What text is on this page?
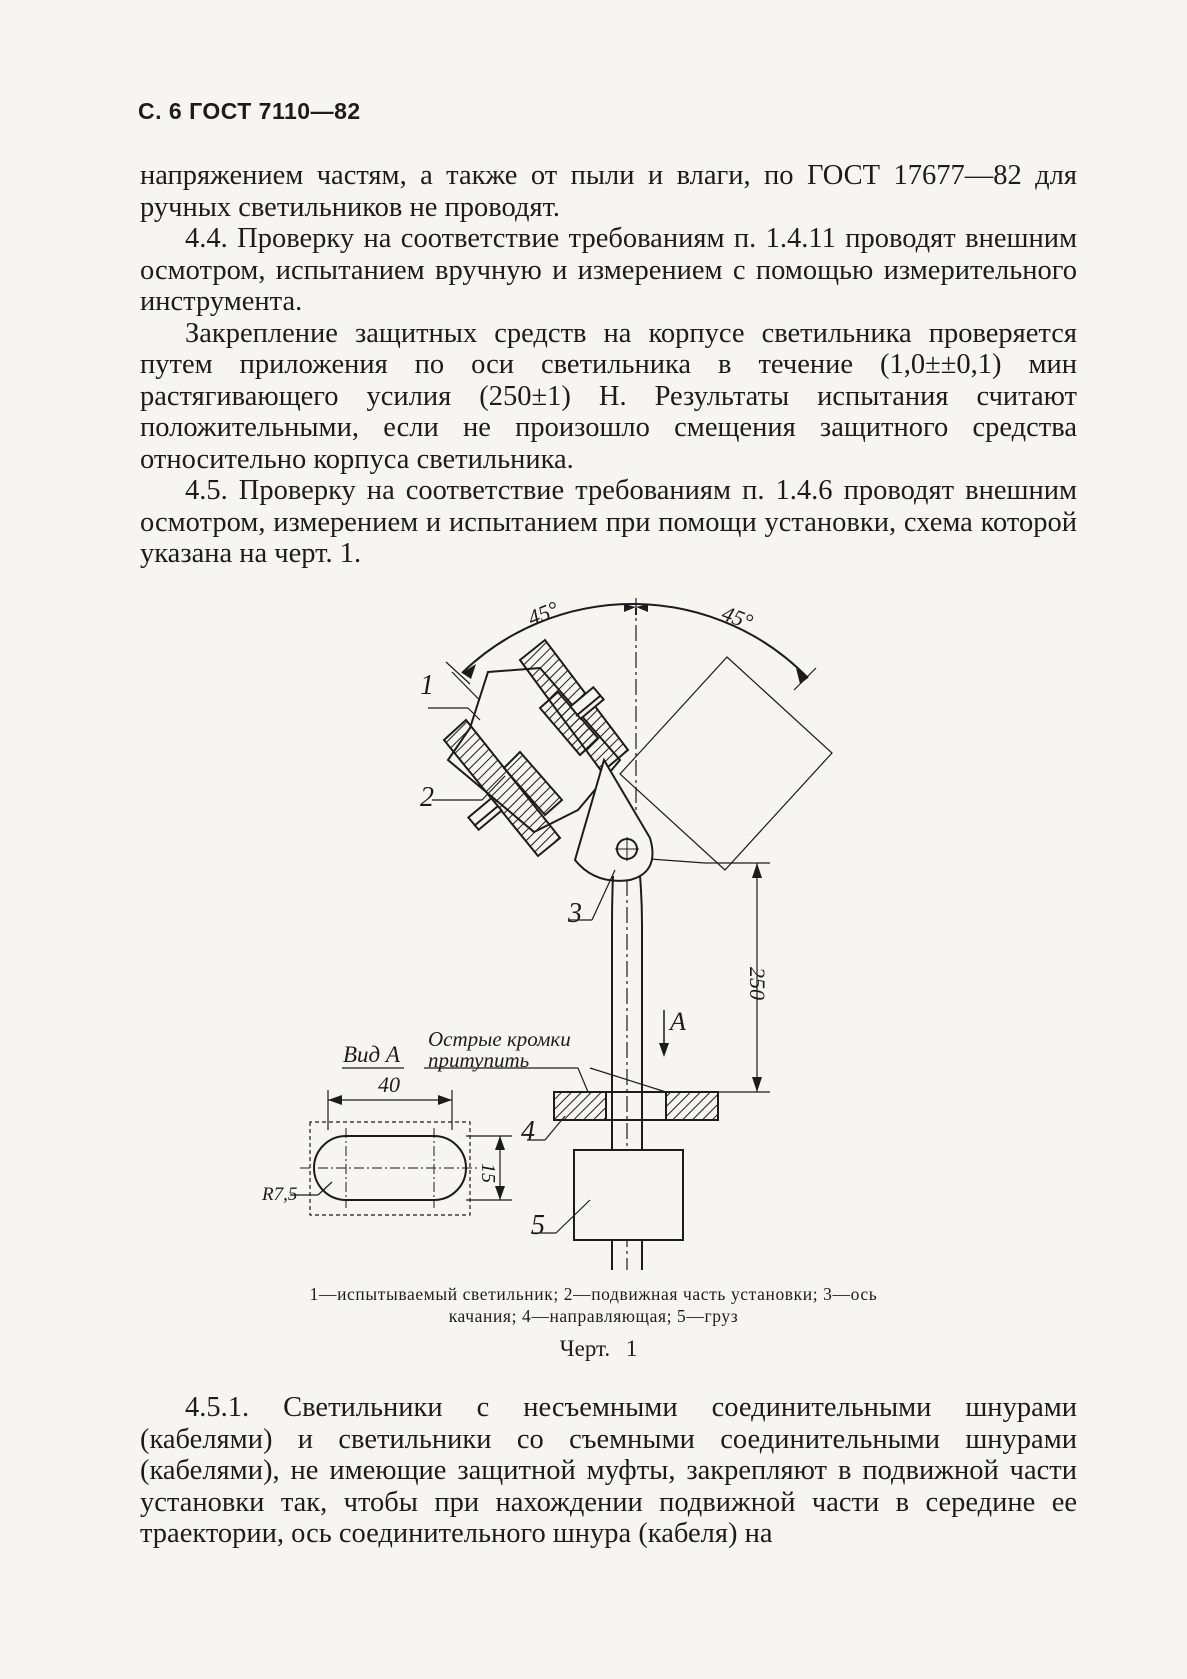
С. 6 ГОСТ 7110—82

напряжением частям, а также от пыли и влаги, по ГОСТ 17677—82 для ручных светильников не проводят.

4.4. Проверку на соответствие требованиям п. 1.4.11 проводят внешним осмотром, испытанием вручную и измерением с помощью измерительного инструмента.

Закрепление защитных средств на корпусе светильника проверяется путем приложения по оси светильника в течение (1,0±±0,1) мин растягивающего усилия (250±1) Н. Результаты испытания считают положительными, если не произошло смещения защитного средства относительно корпуса светильника.

4.5. Проверку на соответствие требованиям п. 1.4.6 проводят внешним осмотром, измерением и испытанием при помощи установки, схема которой указана на черт. 1.

45°	45°
1
2
3
4
5
250
А
Острые кромки
притупить
Вид А
40
15
R7,5
1—испытываемый светильник; 2—подвижная часть установки; 3—ось качания; 4—направляющая; 5—груз
Черт. 1

4.5.1. Светильники с несъемными соединительными шнурами (кабелями) и светильники со съемными соединительными шнурами (кабелями), не имеющие защитной муфты, закрепляют в подвижной части установки так, чтобы при нахождении подвижной части в середине ее траектории, ось соединительного шнура (кабеля) на
